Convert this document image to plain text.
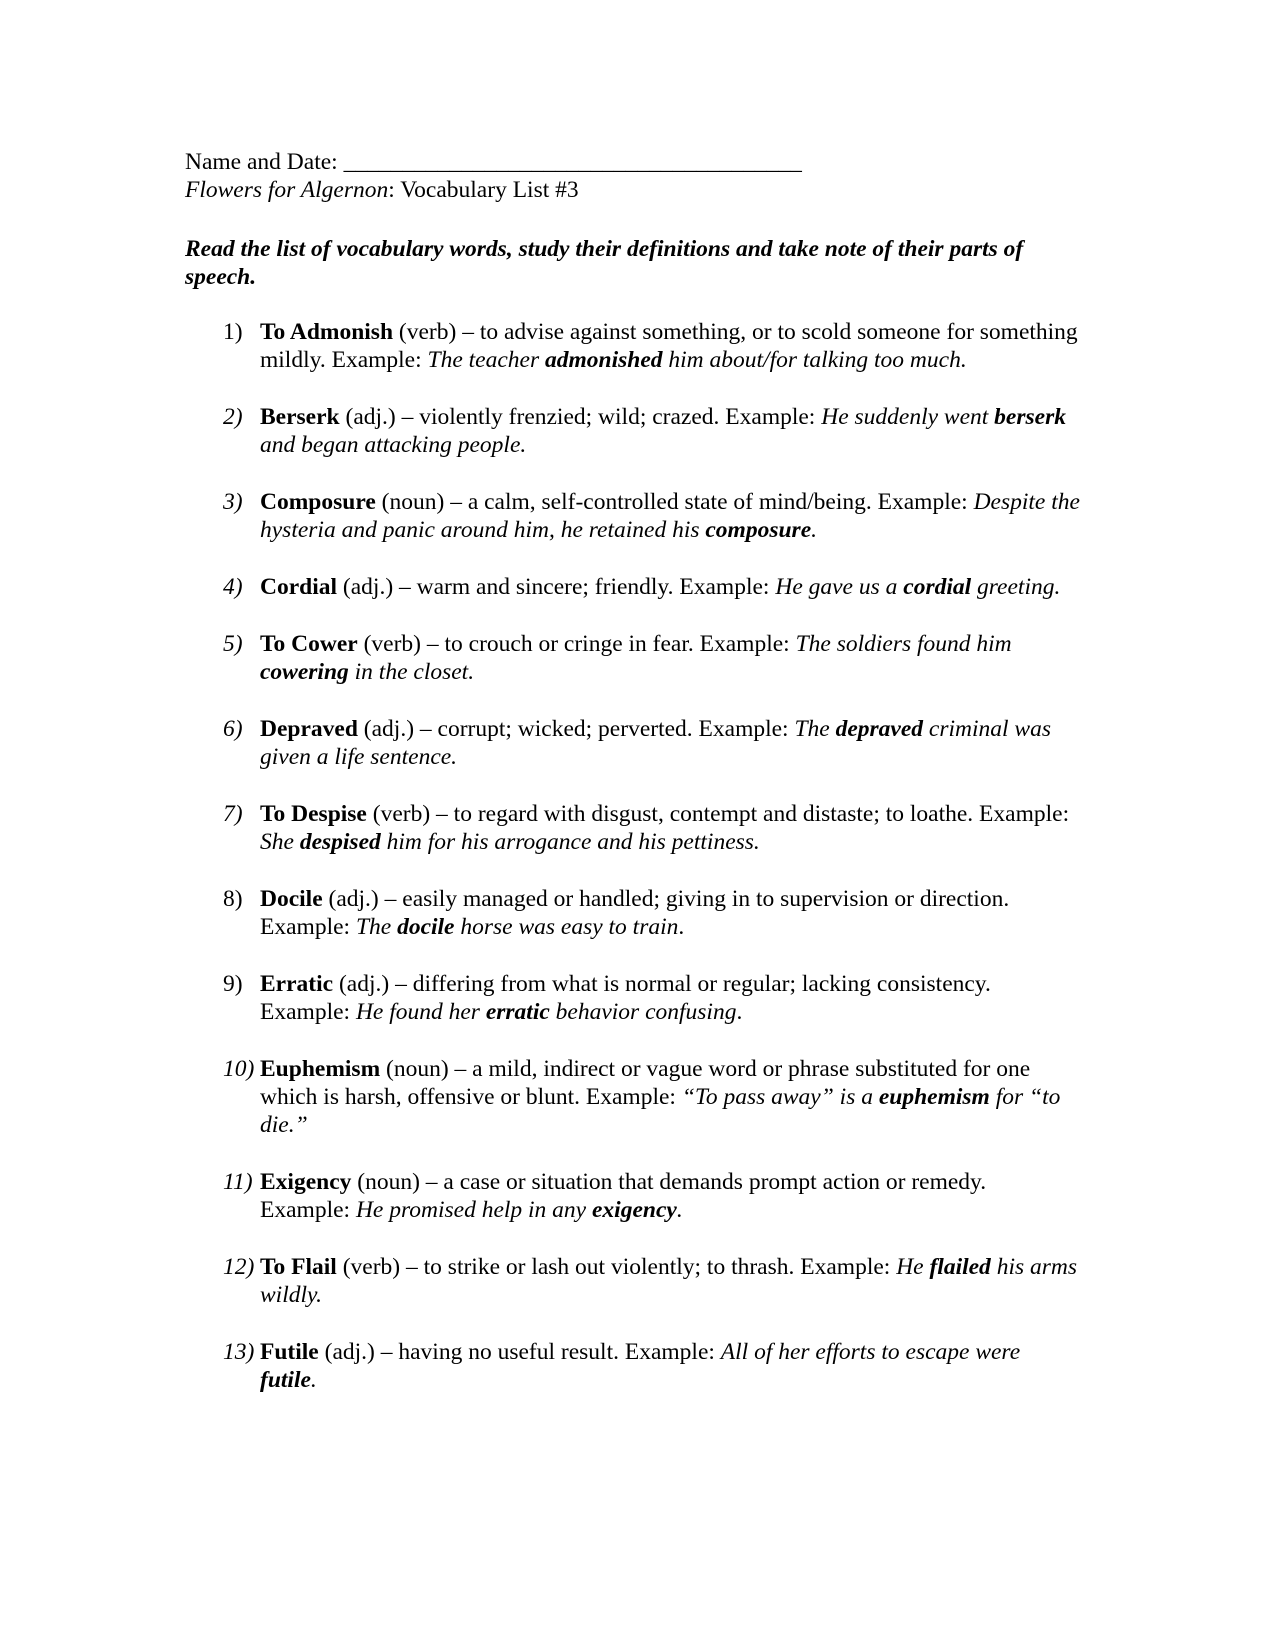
Name and Date: _______________________________________
Flowers for Algernon: Vocabulary List #3
Read the list of vocabulary words, study their definitions and take note of their parts of speech.
1) To Admonish (verb) – to advise against something, or to scold someone for something mildly. Example: The teacher admonished him about/for talking too much.
2) Berserk (adj.) – violently frenzied; wild; crazed. Example: He suddenly went berserk and began attacking people.
3) Composure (noun) – a calm, self-controlled state of mind/being. Example: Despite the hysteria and panic around him, he retained his composure.
4) Cordial (adj.) – warm and sincere; friendly. Example: He gave us a cordial greeting.
5) To Cower (verb) – to crouch or cringe in fear. Example: The soldiers found him cowering in the closet.
6) Depraved (adj.) – corrupt; wicked; perverted. Example: The depraved criminal was given a life sentence.
7) To Despise (verb) – to regard with disgust, contempt and distaste; to loathe. Example: She despised him for his arrogance and his pettiness.
8) Docile (adj.) – easily managed or handled; giving in to supervision or direction. Example: The docile horse was easy to train.
9) Erratic (adj.) – differing from what is normal or regular; lacking consistency. Example: He found her erratic behavior confusing.
10) Euphemism (noun) – a mild, indirect or vague word or phrase substituted for one which is harsh, offensive or blunt. Example: “To pass away” is a euphemism for “to die.”
11) Exigency (noun) – a case or situation that demands prompt action or remedy. Example: He promised help in any exigency.
12) To Flail (verb) – to strike or lash out violently; to thrash. Example: He flailed his arms wildly.
13) Futile (adj.) – having no useful result. Example: All of her efforts to escape were futile.
